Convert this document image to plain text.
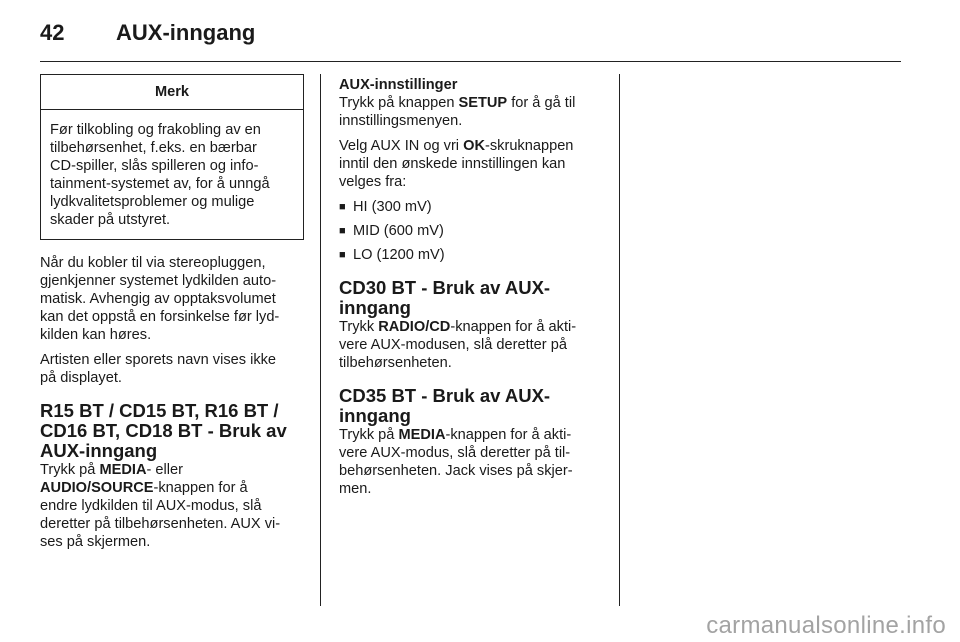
42 AUX-inngang
Merk
Før tilkobling og frakobling av en
tilbehørsenhet, f.eks. en bærbar
CD-spiller, slås spilleren og info-
tainment-systemet av, for å unngå
lydkvalitetsproblemer og mulige
skader på utstyret.

Når du kobler til via stereopluggen,
gjenkjenner systemet lydkilden auto-
matisk. Avhengig av opptaksvolumet
kan det oppstå en forsinkelse før lyd-
kilden kan høres.

Artisten eller sporets navn vises ikke
på displayet.

R15 BT / CD15 BT, R16 BT /
CD16 BT, CD18 BT - Bruk av
AUX-inngang

Trykk på MEDIA- eller
AUDIO/SOURCE-knappen for å
endre lydkilden til AUX-modus, slå
deretter på tilbehørsenheten. AUX vi-
ses på skjermen.

AUX-innstillinger

Trykk på knappen SETUP for å gå til
innstillingsmenyen.

Velg AUX IN og vri OK-skruknappen
inntil den ønskede innstillingen kan
velges fra:

■ HI (300 mV)
■ MID (600 mV)
■ LO (1200 mV)
CD30 BT - Bruk av AUX-
inngang

Trykk RADIO/CD-knappen for å akti-
vere AUX-modusen, slå deretter på
tilbehørsenheten.

CD35 BT - Bruk av AUX-
inngang

Trykk på MEDIA-knappen for å akti-
vere AUX-modus, slå deretter på til-
behørsenheten. Jack vises på skjer-
men.

carmanualsonline.info
